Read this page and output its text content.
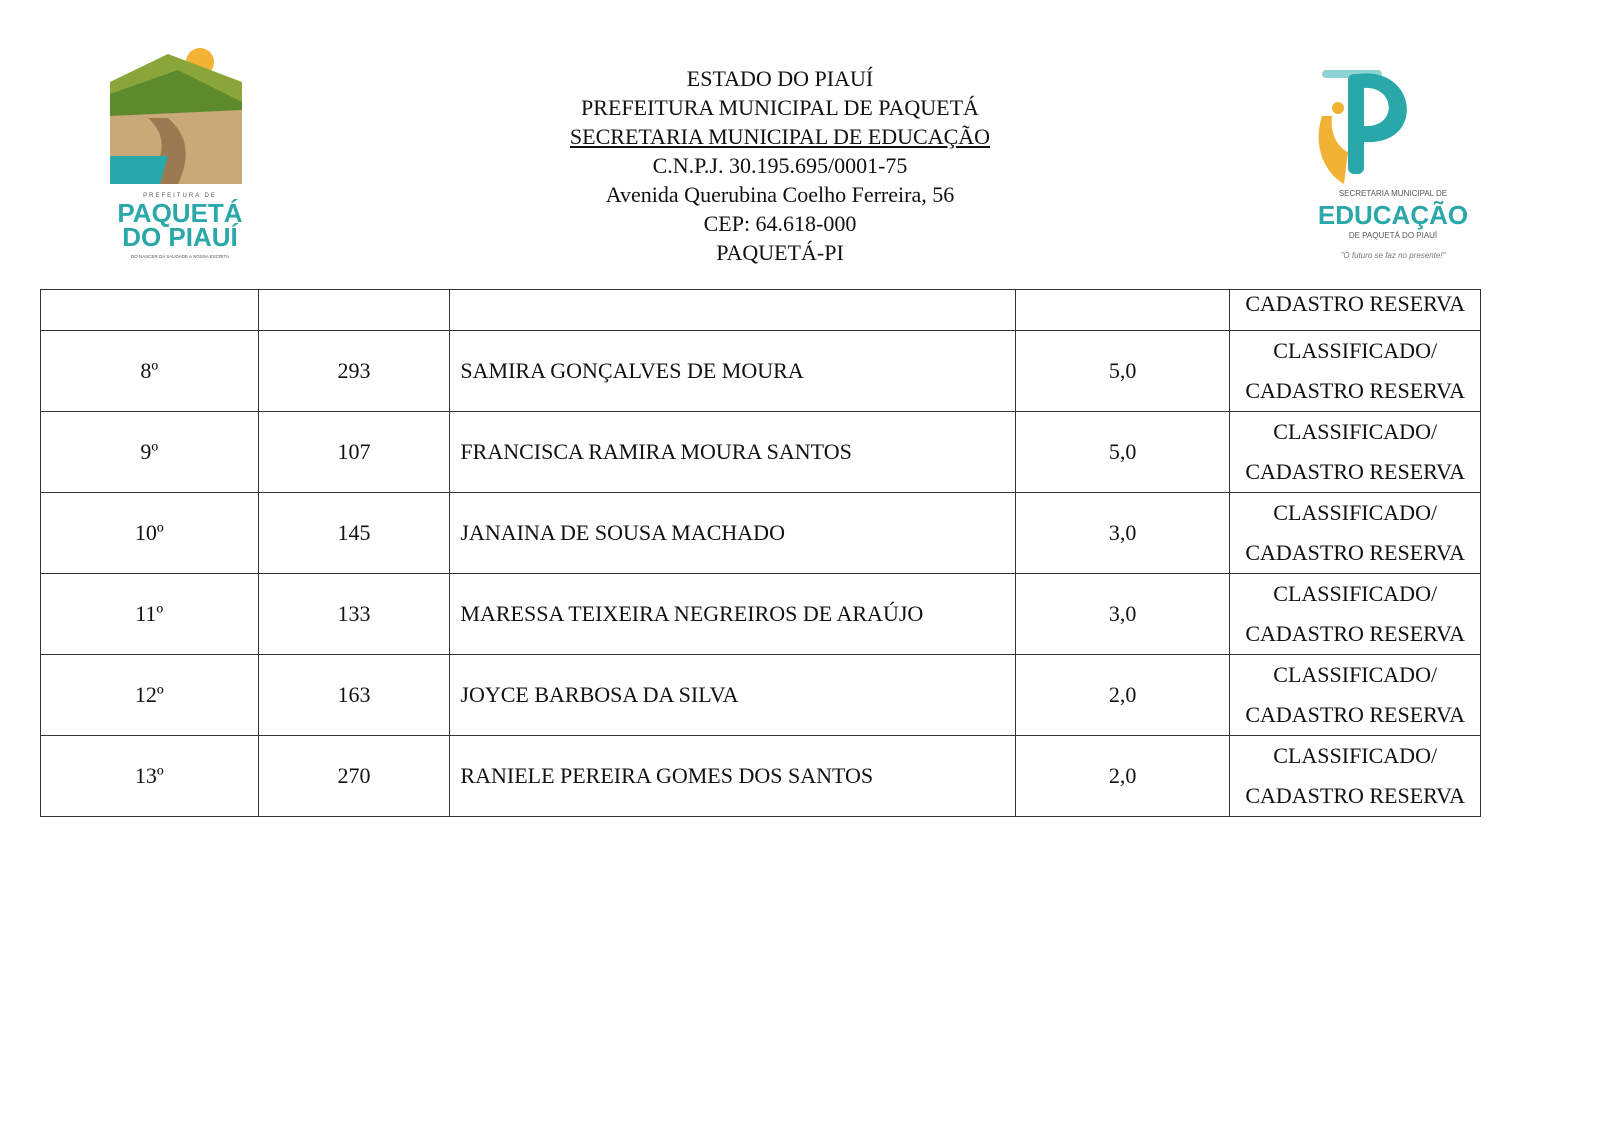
PREFEITURA DE
PAQUETÁ
DO PIAUÍ
DO NASCER DA SAUDADE A NOSSA ESCRITA
ESTADO DO PIAUÍ
PREFEITURA MUNICIPAL DE PAQUETÁ
SECRETARIA MUNICIPAL DE EDUCAÇÃO
C.N.P.J. 30.195.695/0001-75
Avenida Querubina Coelho Ferreira, 56
CEP: 64.618-000
PAQUETÁ-PI
SECRETARIA MUNICIPAL DE
EDUCAÇÃO
DE PAQUETÁ DO PIAUÍ
"O futuro se faz no presente!"

				CADASTRO RESERVA

8º	293	SAMIRA GONÇALVES DE MOURA	5,0	CLASSIFICADO/
CADASTRO RESERVA

9º	107	FRANCISCA RAMIRA MOURA SANTOS	5,0	CLASSIFICADO/
CADASTRO RESERVA

10º	145	JANAINA DE SOUSA MACHADO	3,0	CLASSIFICADO/
CADASTRO RESERVA

11º	133	MARESSA TEIXEIRA NEGREIROS DE ARAÚJO	3,0	CLASSIFICADO/
CADASTRO RESERVA

12º	163	JOYCE BARBOSA DA SILVA	2,0	CLASSIFICADO/
CADASTRO RESERVA

13º	270	RANIELE PEREIRA GOMES DOS SANTOS	2,0	CLASSIFICADO/
CADASTRO RESERVA
